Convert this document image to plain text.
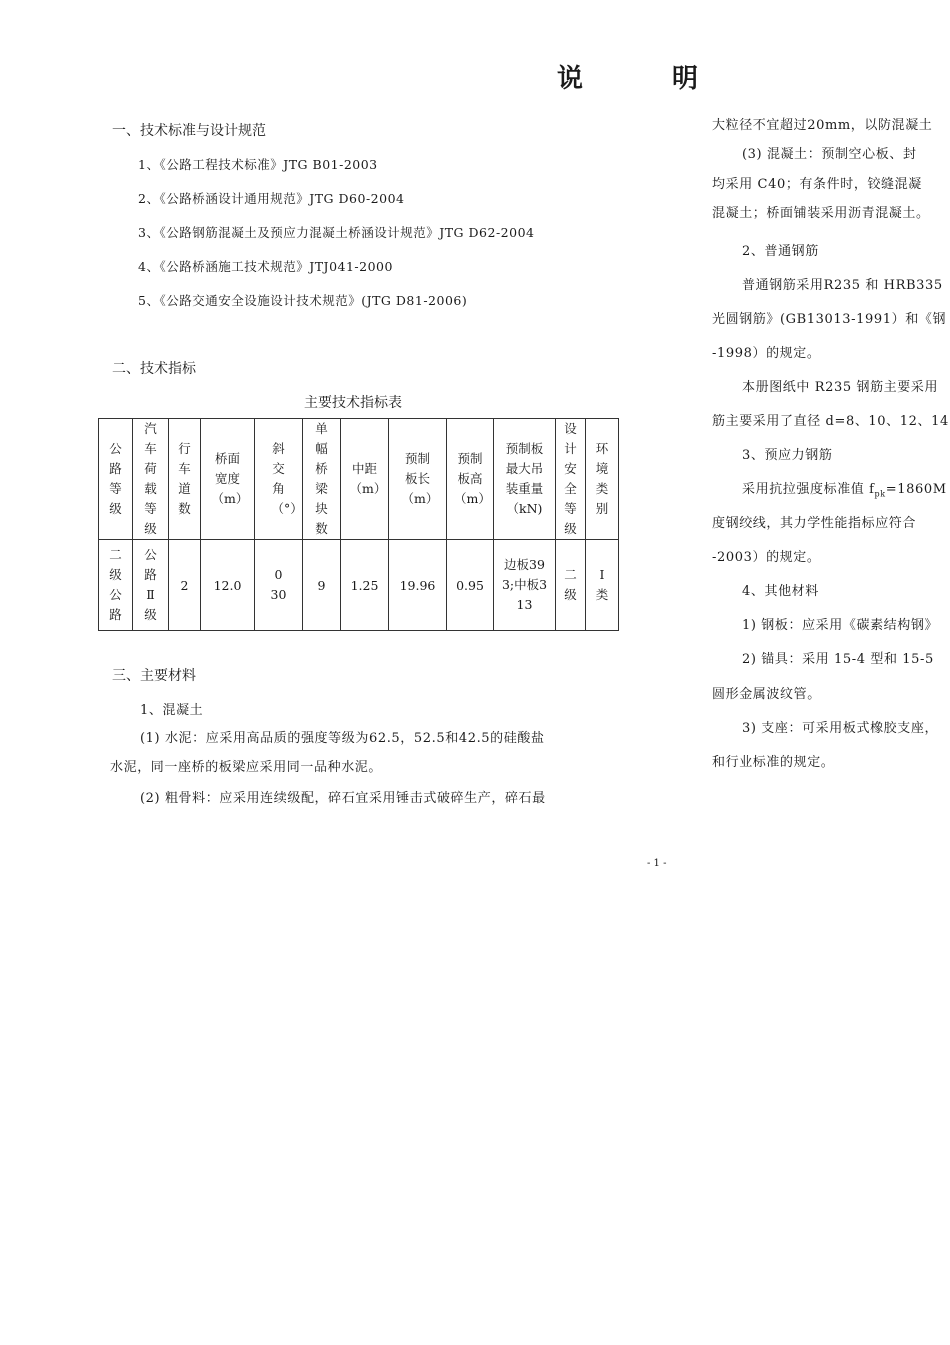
说	明
一、技术标准与设计规范
1、《公路工程技术标准》JTG B01-2003
2、《公路桥涵设计通用规范》JTG D60-2004
3、《公路钢筋混凝土及预应力混凝土桥涵设计规范》JTG D62-2004
4、《公路桥涵施工技术规范》JTJ041-2000
5、《公路交通安全设施设计技术规范》(JTG D81-2006)
二、技术指标
主要技术指标表
公路等级	汽车荷载等级	行车道数	桥面宽度（m）	斜交角（°）	单幅桥梁块数	中距（m）	预制板长（m）	预制板高（m）	预制板最大吊装重量（kN)	设计安全等级	环境类别
二级公路	公路Ⅱ级	2	12.0	0 30	9	1.25	19.96	0.95	边板393;中板313	二级	Ⅰ类
三、主要材料
1、混凝土
(1) 水泥：应采用高品质的强度等级为62.5，52.5和42.5的硅酸盐
水泥，同一座桥的板梁应采用同一品种水泥。
(2) 粗骨料：应采用连续级配，碎石宜采用锤击式破碎生产，碎石最
大粒径不宜超过20mm，以防混凝土
(3) 混凝土：预制空心板、封
均采用 C40；有条件时，铰缝混凝
混凝土；桥面铺装采用沥青混凝土。
2、普通钢筋
普通钢筋采用R235 和 HRB335
光圆钢筋》(GB13013-1991）和《钢
-1998）的规定。
本册图纸中 R235 钢筋主要采用
筋主要采用了直径 d=8、10、12、14
3、预应力钢筋
采用抗拉强度标准值 $f_{pk}=1860M$
度钢绞线，其力学性能指标应符合
-2003）的规定。
4、其他材料
1) 钢板：应采用《碳素结构钢》
2) 锚具：采用 15-4 型和 15-5
圆形金属波纹管。
3) 支座：可采用板式橡胶支座，
和行业标准的规定。
- 1 -
